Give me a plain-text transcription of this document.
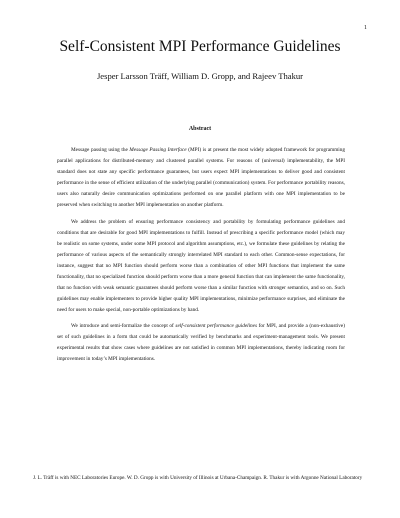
1
Self-Consistent MPI Performance Guidelines
Jesper Larsson Träff, William D. Gropp, and Rajeev Thakur
Abstract

Message passing using the Message Passing Interface (MPI) is at present the most widely adopted framework for programming parallel applications for distributed-memory and clustered parallel systems. For reasons of (universal) implementability, the MPI standard does not state any specific performance guarantees, but users expect MPI implementations to deliver good and consistent performance in the sense of efficient utilization of the underlying parallel (communication) system. For performance portability reasons, users also naturally desire communication optimizations performed on one parallel platform with one MPI implementation to be preserved when switching to another MPI implementation on another platform.

We address the problem of ensuring performance consistency and portability by formulating performance guidelines and conditions that are desirable for good MPI implementations to fulfill. Instead of prescribing a specific performance model (which may be realistic on some systems, under some MPI protocol and algorithm assumptions, etc.), we formulate these guidelines by relating the performance of various aspects of the semantically strongly interrelated MPI standard to each other. Common-sense expectations, for instance, suggest that no MPI function should perform worse than a combination of other MPI functions that implement the same functionality, that no specialized function should perform worse than a more general function that can implement the same functionality, that no function with weak semantic guarantees should perform worse than a similar function with stronger semantics, and so on. Such guidelines may enable implementers to provide higher quality MPI implementations, minimize performance surprises, and eliminate the need for users to make special, non-portable optimizations by hand.

We introduce and semi-formalize the concept of self-consistent performance guidelines for MPI, and provide a (non-exhaustive) set of such guidelines in a form that could be automatically verified by benchmarks and experiment-management tools. We present experimental results that show cases where guidelines are not satisfied in common MPI implementations, thereby indicating room for improvement in today’s MPI implementations.

J. L. Träff is with NEC Laboratories Europe. W. D. Gropp is with University of Illinois at Urbana-Champaign. R. Thakur is with Argonne National Laboratory
